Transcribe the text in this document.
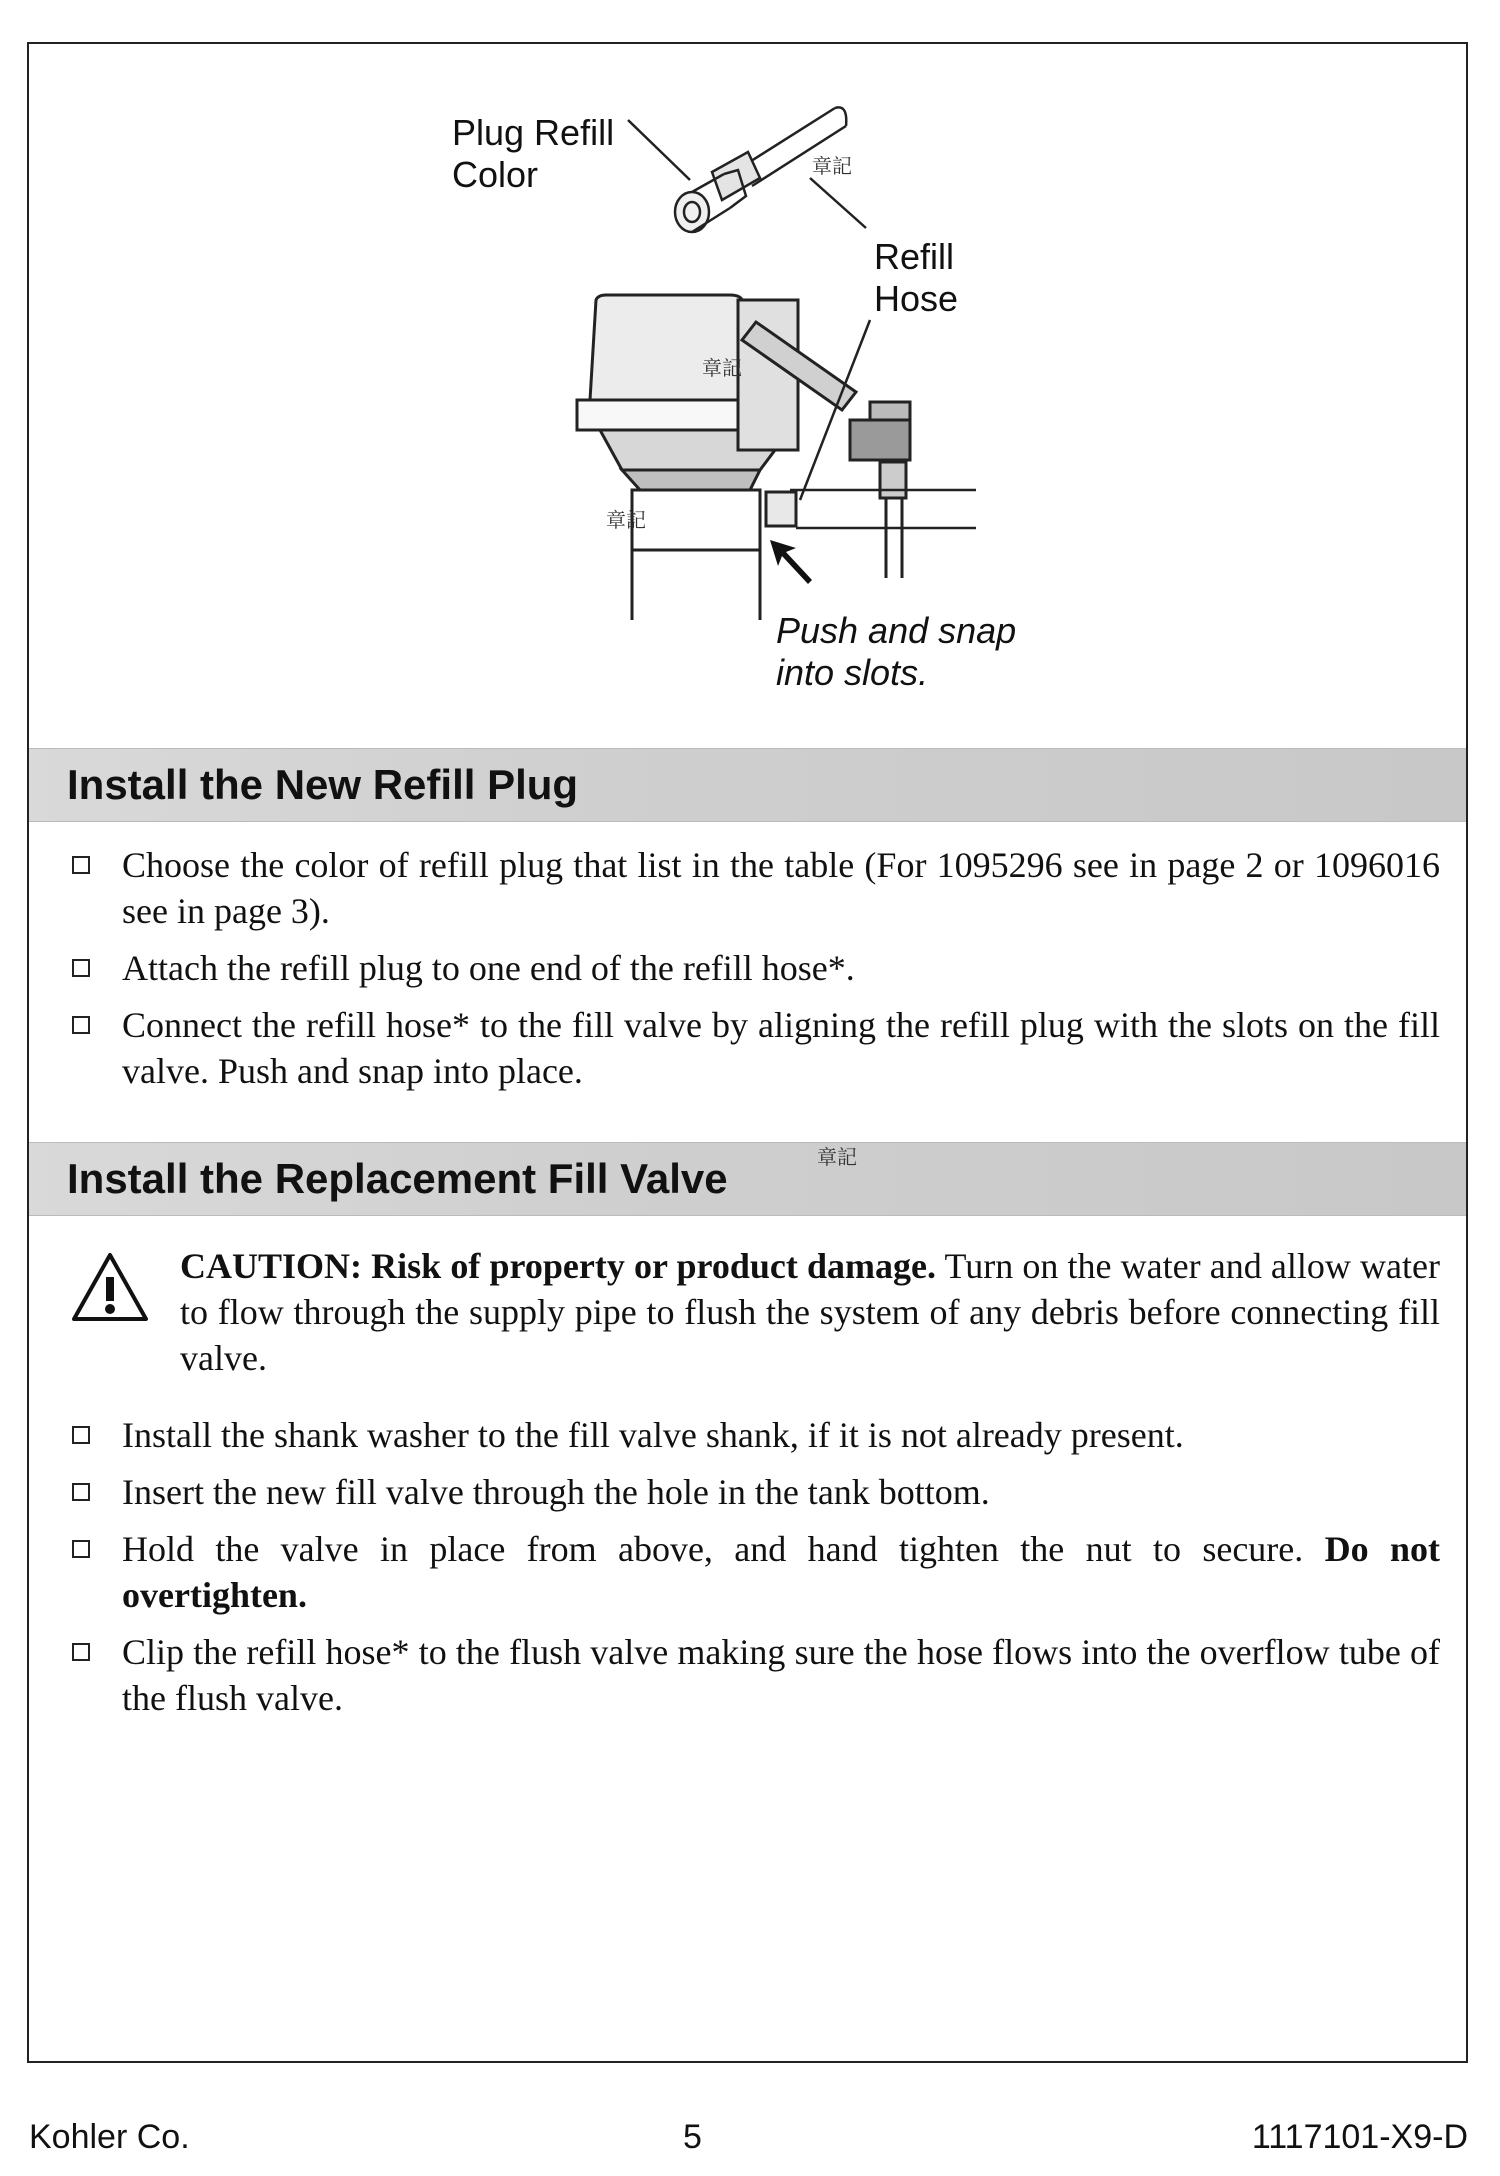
Plug Refill
Color
Refill
Hose
Push and snap
into slots.
章記
章記
章記
Install the New Refill Plug
Choose the color of refill plug that list in the table (For 1095296 see in page 2 or 1096016 see in page 3).
Attach the refill plug to one end of the refill hose*.
Connect the refill hose* to the fill valve by aligning the refill plug with the slots on the fill valve. Push and snap into place.
Install the Replacement Fill Valve	章記

CAUTION: Risk of property or product damage. Turn on the water and allow water to flow through the supply pipe to flush the system of any debris before connecting fill valve.

Install the shank washer to the fill valve shank, if it is not already present.
Insert the new fill valve through the hole in the tank bottom.
Hold the valve in place from above, and hand tighten the nut to secure. Do not overtighten.
Clip the refill hose* to the flush valve making sure the hose flows into the overflow tube of the flush valve.
Kohler Co.	5	1117101-X9-D
